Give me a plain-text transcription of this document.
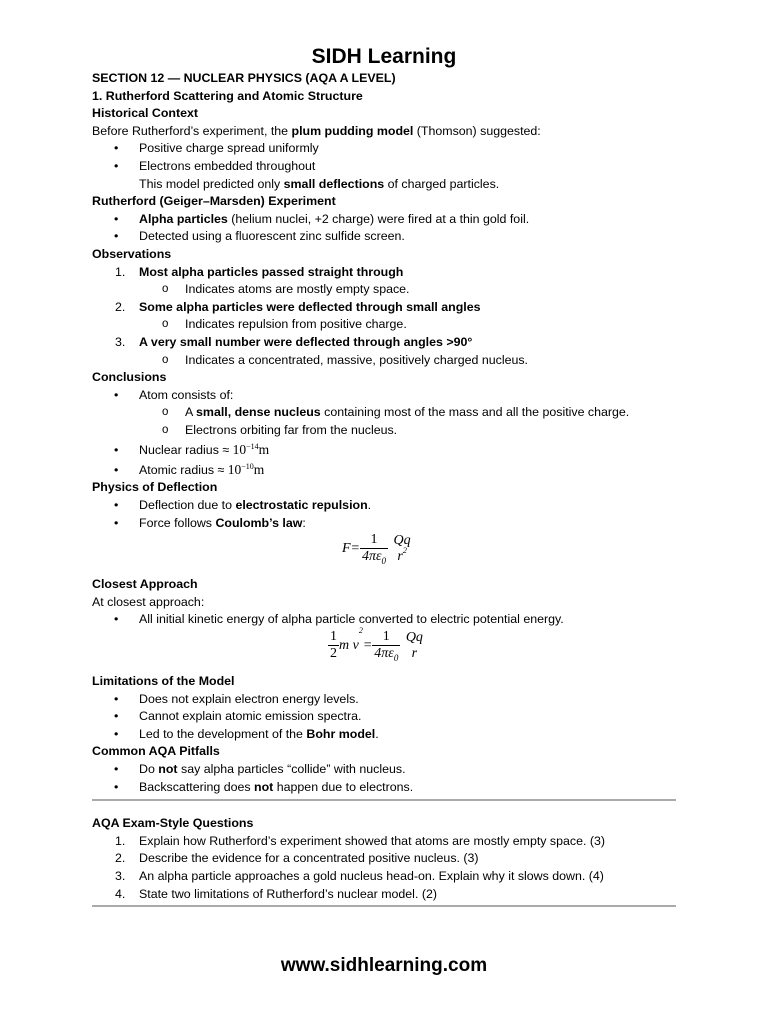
SIDH Learning
SECTION 12 — NUCLEAR PHYSICS (AQA A LEVEL)
1. Rutherford Scattering and Atomic Structure
Historical Context
Before Rutherford’s experiment, the plum pudding model (Thomson) suggested:
• Positive charge spread uniformly
• Electrons embedded throughout
This model predicted only small deflections of charged particles.
Rutherford (Geiger–Marsden) Experiment
• Alpha particles (helium nuclei, +2 charge) were fired at a thin gold foil.
• Detected using a fluorescent zinc sulfide screen.
Observations
1. Most alpha particles passed straight through
o Indicates atoms are mostly empty space.
2. Some alpha particles were deflected through small angles
o Indicates repulsion from positive charge.
3. A very small number were deflected through angles >90°
o Indicates a concentrated, massive, positively charged nucleus.
Conclusions
• Atom consists of:
o A small, dense nucleus containing most of the mass and all the positive charge.
o Electrons orbiting far from the nucleus.
• Nuclear radius ≈ $10^{-14}m$
• Atomic radius ≈ $10^{-10}m$
Physics of Deflection
• Deflection due to electrostatic repulsion.
• Force follows Coulomb’s law:
$F= \frac{1}{4\pi\varepsilon_0}$
Qq
$r^2$
Closest Approach
At closest approach:
• All initial kinetic energy of alpha particle converted to electric potential energy.
$\frac{1}{2}$ m $v^2= \frac{1}{4\pi\varepsilon_0}$
Qq
r
Limitations of the Model
• Does not explain electron energy levels.
• Cannot explain atomic emission spectra.
• Led to the development of the Bohr model.
Common AQA Pitfalls
• Do not say alpha particles “collide” with nucleus.
• Backscattering does not happen due to electrons.
AQA Exam-Style Questions
1. Explain how Rutherford’s experiment showed that atoms are mostly empty space. (3)
2. Describe the evidence for a concentrated positive nucleus. (3)
3. An alpha particle approaches a gold nucleus head-on. Explain why it slows down. (4)
4. State two limitations of Rutherford’s nuclear model. (2)
www.sidhlearning.com
